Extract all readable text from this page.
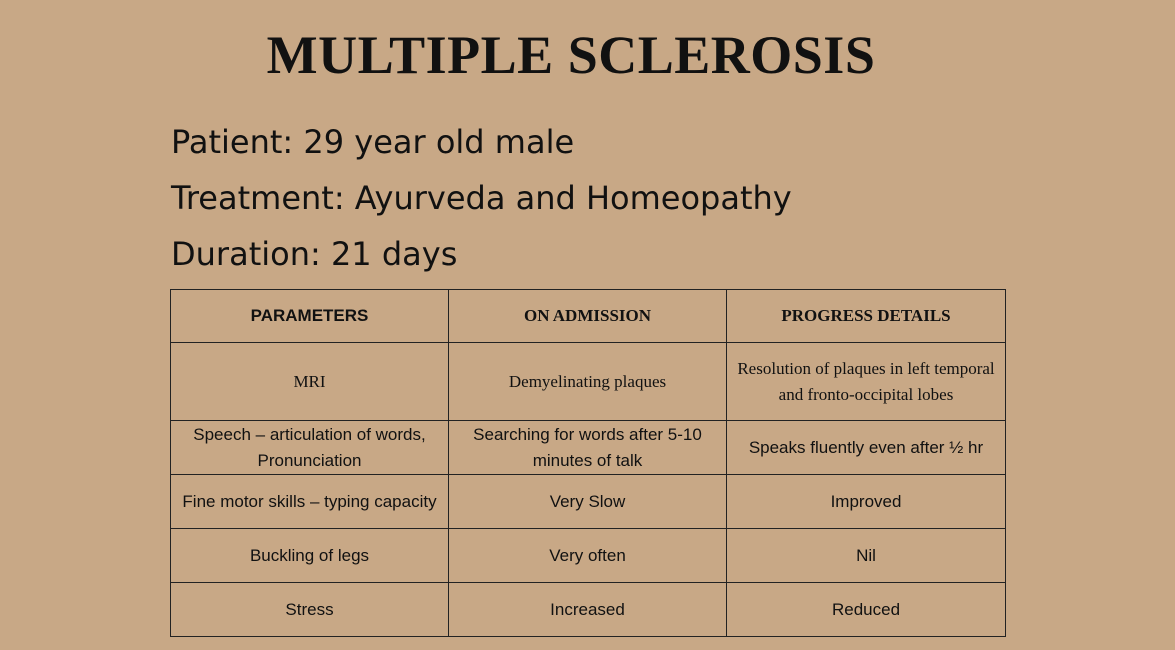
MULTIPLE SCLEROSIS

Patient: 29 year old male

Treatment: Ayurveda and Homeopathy

Duration: 21 days

PARAMETERS	ON ADMISSION	PROGRESS DETAILS
MRI	Demyelinating plaques	Resolution of plaques in left temporal and fronto-occipital lobes
Speech – articulation of words, Pronunciation	Searching for words after 5-10 minutes of talk	Speaks fluently even after ½ hr
Fine motor skills – typing capacity	Very Slow	Improved
Buckling of legs	Very often	Nil
Stress	Increased	Reduced
